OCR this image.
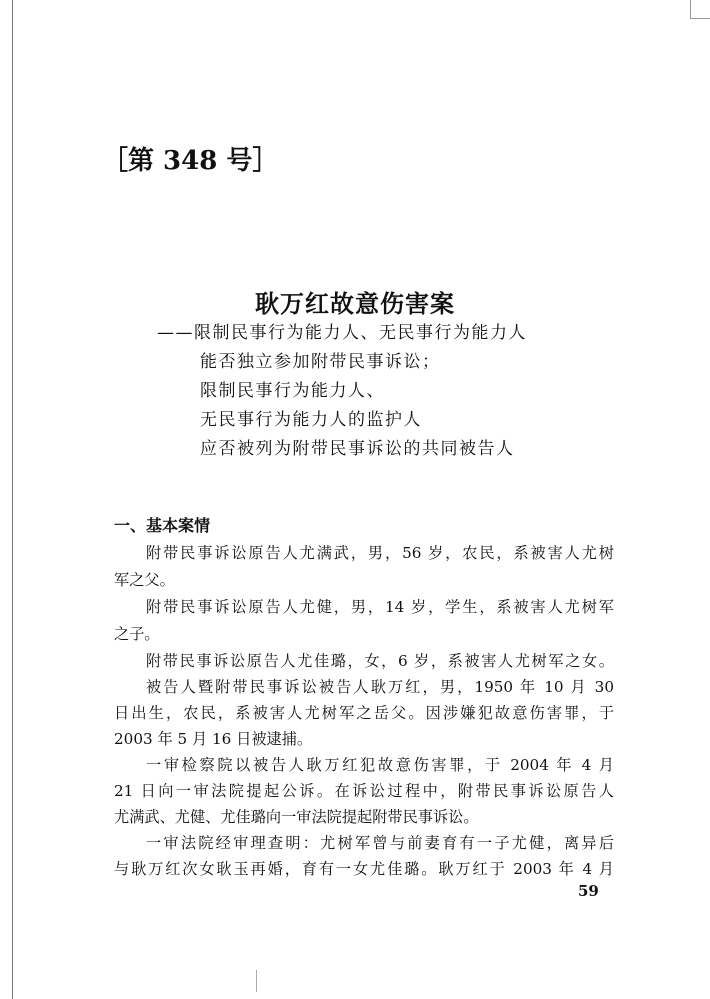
［第 348 号］
耿万红故意伤害案
——限制民事行为能力人、无民事行为能力人
能否独立参加附带民事诉讼；
限制民事行为能力人、
无民事行为能力人的监护人
应否被列为附带民事诉讼的共同被告人
一、基本案情
附带民事诉讼原告人尤满武，男，56 岁，农民，系被害人尤树
军之父。
附带民事诉讼原告人尤健，男，14 岁，学生，系被害人尤树军
之子。
附带民事诉讼原告人尤佳璐，女，6 岁，系被害人尤树军之女。
被告人暨附带民事诉讼被告人耿万红，男，1950 年 10 月 30
日出生，农民，系被害人尤树军之岳父。因涉嫌犯故意伤害罪，于
2003 年 5 月 16 日被逮捕。
一审检察院以被告人耿万红犯故意伤害罪，于 2004 年 4 月
21 日向一审法院提起公诉。在诉讼过程中，附带民事诉讼原告人
尤满武、尤健、尤佳璐向一审法院提起附带民事诉讼。
一审法院经审理查明：尤树军曾与前妻育有一子尤健，离异后
与耿万红次女耿玉再婚，育有一女尤佳璐。耿万红于 2003 年 4 月
59
